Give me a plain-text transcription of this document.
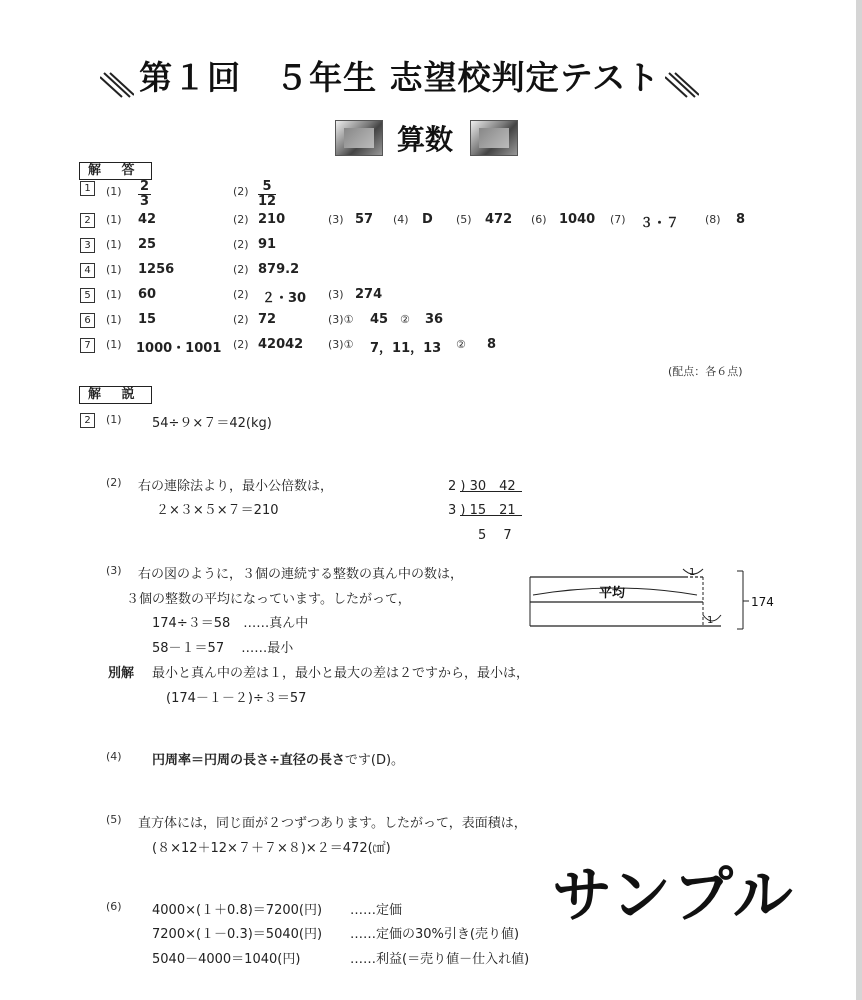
第１回　５年生 志望校判定テスト
算数
解 答
1	$(1) \frac{2}{3}$	$(2) \frac{5}{12}$
2	(1) 42	(2) 210	(3) 57 (4) D (5) 472 (6) 1040 (7) ３・７ (8) 8
3	(1) 25	(2) 91
4	(1) 1256	(2) 879.2
5	(1) 60	(2) ２・30 (3) 274
6	(1) 15	(2) 72	(3)① 45 ② 36
7	(1) 1000・1001 (2) 42042 (3)① 7，11，13 ② 8
(配点：各６点)
解 説
2	(1) 54÷９×７＝42(kg)
(2) 右の連除法より，最小公倍数は，
２×３×５×７＝210
2 ) 30　42
3 ) 15　21
5　 7
(3) 右の図のように，３個の連続する整数の真ん中の数は，
３個の整数の平均になっています。したがって，
174÷３＝58　……真ん中
58－１＝57　 ……最小
別解 最小と真ん中の差は１，最小と最大の差は２ですから，最小は，
(174－１－２)÷３＝57
平均
1
1
174
(4) 円周率＝円周の長さ÷直径の長さです(D)。
(5) 直方体には，同じ面が２つずつあります。したがって，表面積は，
(８×12＋12×７＋７×８)×２＝472(㎠)
サンプル
(6) 4000×(１＋0.8)＝7200(円) ……定価
7200×(１－0.3)＝5040(円) ……定価の30%引き(売り値)
5040－4000＝1040(円)	……利益(＝売り値－仕入れ値)
